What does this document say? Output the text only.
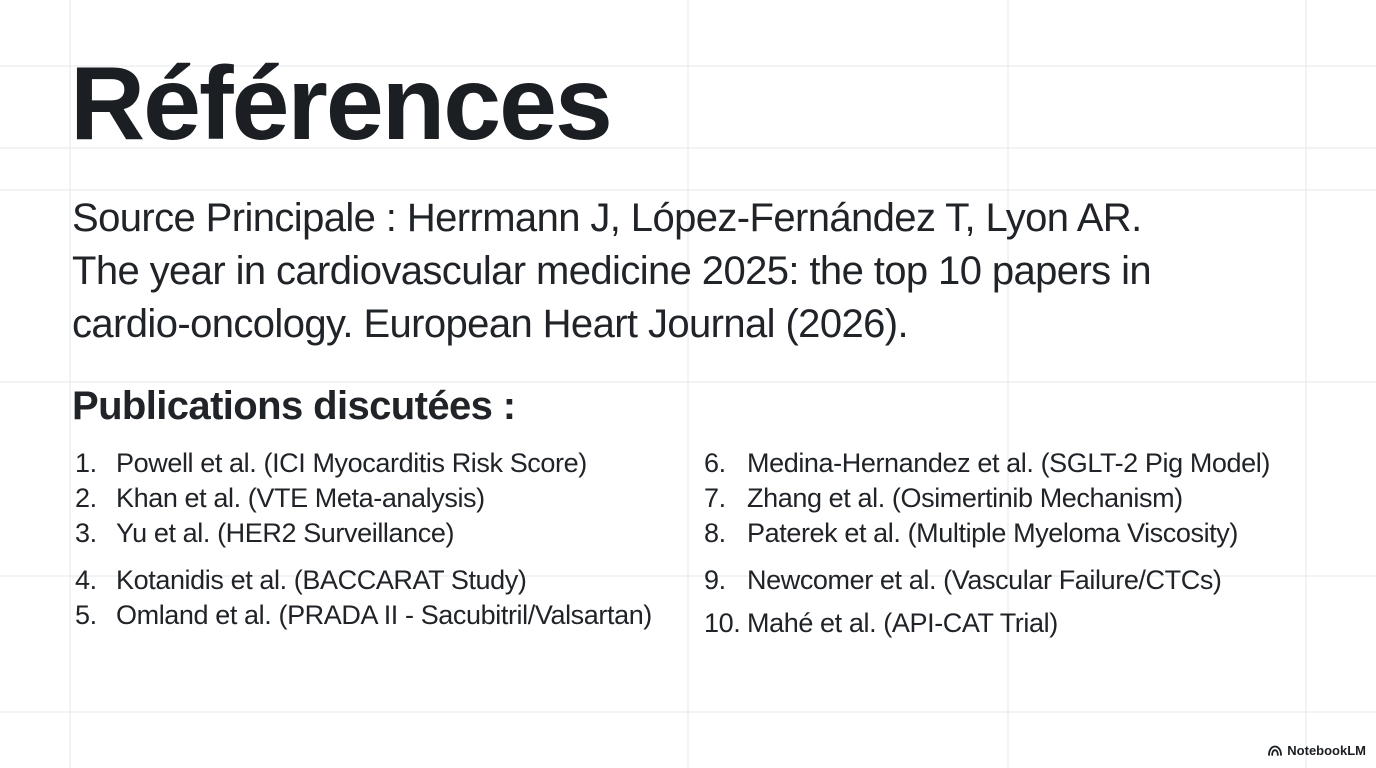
Références

Source Principale : Herrmann J, López-Fernández T, Lyon AR.
The year in cardiovascular medicine 2025: the top 10 papers in
cardio-oncology. European Heart Journal (2026).

Publications discutées :
1. Powell et al. (ICI Myocarditis Risk Score)
2. Khan et al. (VTE Meta-analysis)
3. Yu et al. (HER2 Surveillance)
4. Kotanidis et al. (BACCARAT Study)
5. Omland et al. (PRADA II - Sacubitril/Valsartan)
6. Medina-Hernandez et al. (SGLT-2 Pig Model)
7. Zhang et al. (Osimertinib Mechanism)
8. Paterek et al. (Multiple Myeloma Viscosity)
9. Newcomer et al. (Vascular Failure/CTCs)
10. Mahé et al. (API-CAT Trial)
NotebookLM
